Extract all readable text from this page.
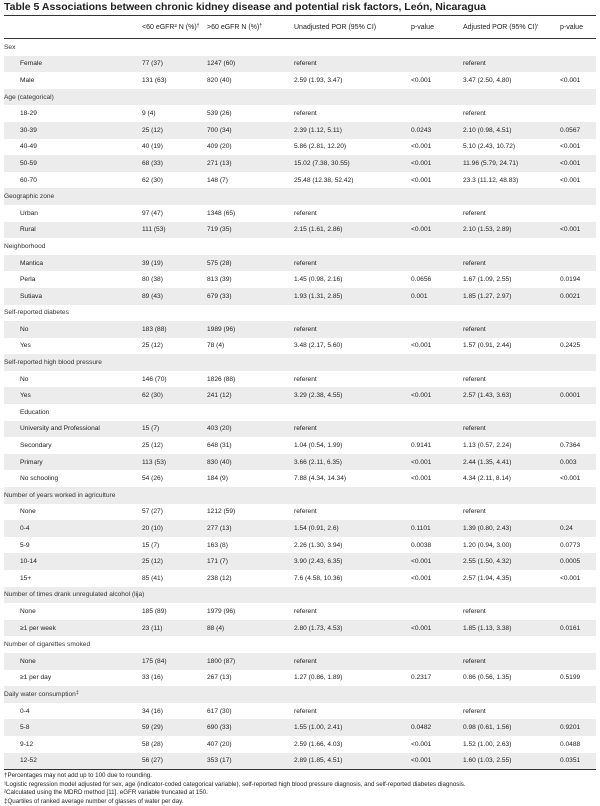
Table 5 Associations between chronic kidney disease and potential risk factors, León, Nicaragua
	<60 eGFR² N (%)†	>60 eGFR N (%)†	Unadjusted POR (95% CI)	p-value	Adjusted POR (95% CI)$^{^1}$	p-value
Sex						
Female	77 (37)	1247 (60)	referent		referent	
Male	131 (63)	820 (40)	2.59 (1.93, 3.47)	<0.001	3.47 (2.50, 4.80)	<0.001
Age (categorical)						
18-29	9 (4)	539 (26)	referent		referent	
30-39	25 (12)	700 (34)	2.39 (1.12, 5.11)	0.0243	2.10 (0.98, 4.51)	0.0567
40-49	40 (19)	409 (20)	5.86 (2.81, 12.20)	<0.001	5.10 (2.43, 10.72)	<0.001
50-59	68 (33)	271 (13)	15.02 (7.38, 30.55)	<0.001	11.96 (5.79, 24.71)	<0.001
60-70	62 (30)	148 (7)	25.48 (12.38, 52.42)	<0.001	23.3 (11.12, 48.83)	<0.001
Geographic zone						
Urban	97 (47)	1348 (65)	referent		referent	
Rural	111 (53)	719 (35)	2.15 (1.61, 2.86)	<0.001	2.10 (1.53, 2.89)	<0.001
Neighborhood						
Mantica	39 (19)	575 (28)	referent		referent	
Perla	80 (38)	813 (39)	1.45 (0.98, 2.16)	0.0656	1.67 (1.09, 2.55)	0.0194
Sutiava	89 (43)	679 (33)	1.93 (1.31, 2.85)	0.001	1.85 (1.27, 2.97)	0.0021
Self-reported diabetes						
No	183 (88)	1989 (96)	referent		referent	
Yes	25 (12)	78 (4)	3.48 (2.17, 5.60)	<0.001	1.57 (0.91, 2.44)	0.2425
Self-reported high blood pressure						
No	146 (70)	1826 (88)	referent		referent	
Yes	62 (30)	241 (12)	3.29 (2.38, 4.55)	<0.001	2.57 (1.43, 3.63)	0.0001
Education						
University and Professional	15 (7)	403 (20)	referent		referent	
Secondary	25 (12)	648 (31)	1.04 (0.54, 1.99)	0.9141	1.13 (0.57, 2.24)	0.7364
Primary	113 (53)	830 (40)	3.66 (2.11, 6.35)	<0.001	2.44 (1.35, 4.41)	0.003
No schooling	54 (26)	184 (9)	7.88 (4.34, 14.34)	<0.001	4.34 (2.11, 8.14)	<0.001
Number of years worked in agriculture						
None	57 (27)	1212 (59)	referent		referent	
0-4	20 (10)	277 (13)	1.54 (0.91, 2.6)	0.1101	1.39 (0.80, 2.43)	0.24
5-9	15 (7)	163 (8)	2.26 (1.30, 3.94)	0.0038	1.20 (0.94, 3.00)	0.0773
10-14	25 (12)	171 (7)	3.90 (2.43, 6.35)	<0.001	2.55 (1.50, 4.32)	0.0005
15+	85 (41)	238 (12)	7.6 (4.58, 10.36)	<0.001	2.57 (1.94, 4.35)	<0.001
Number of times drank unregulated alcohol (lija)						
None	185 (89)	1979 (96)	referent		referent	
≥1 per week	23 (11)	88 (4)	2.80 (1.73, 4.53)	<0.001	1.85 (1.13, 3.38)	0.0161
Number of cigarettes smoked						
None	175 (84)	1800 (87)	referent		referent	
≥1 per day	33 (16)	267 (13)	1.27 (0.86, 1.89)	0.2317	0.86 (0.56, 1.35)	0.5199
Daily water consumption‡
0-4	34 (16)	617 (30)	referent		referent	
5-8	59 (29)	690 (33)	1.55 (1.00, 2.41)	0.0482	0.98 (0.61, 1.56)	0.9201
9-12	58 (28)	407 (20)	2.59 (1.66, 4.03)	<0.001	1.52 (1.00, 2.63)	0.0488
12-52	56 (27)	353 (17)	2.89 (1.85, 4.51)	<0.001	1.60 (1.03, 2.55)	0.0351
†Percentages may not add up to 100 due to rounding.
¹Logistic regression model adjusted for sex, age (indicator-coded categorical variable), self-reported high blood pressure diagnosis, and self-reported diabetes diagnosis.
²Calculated using the MDRD method [11]. eGFR variable truncated at 150.
‡Quartiles of ranked average number of glasses of water per day.
